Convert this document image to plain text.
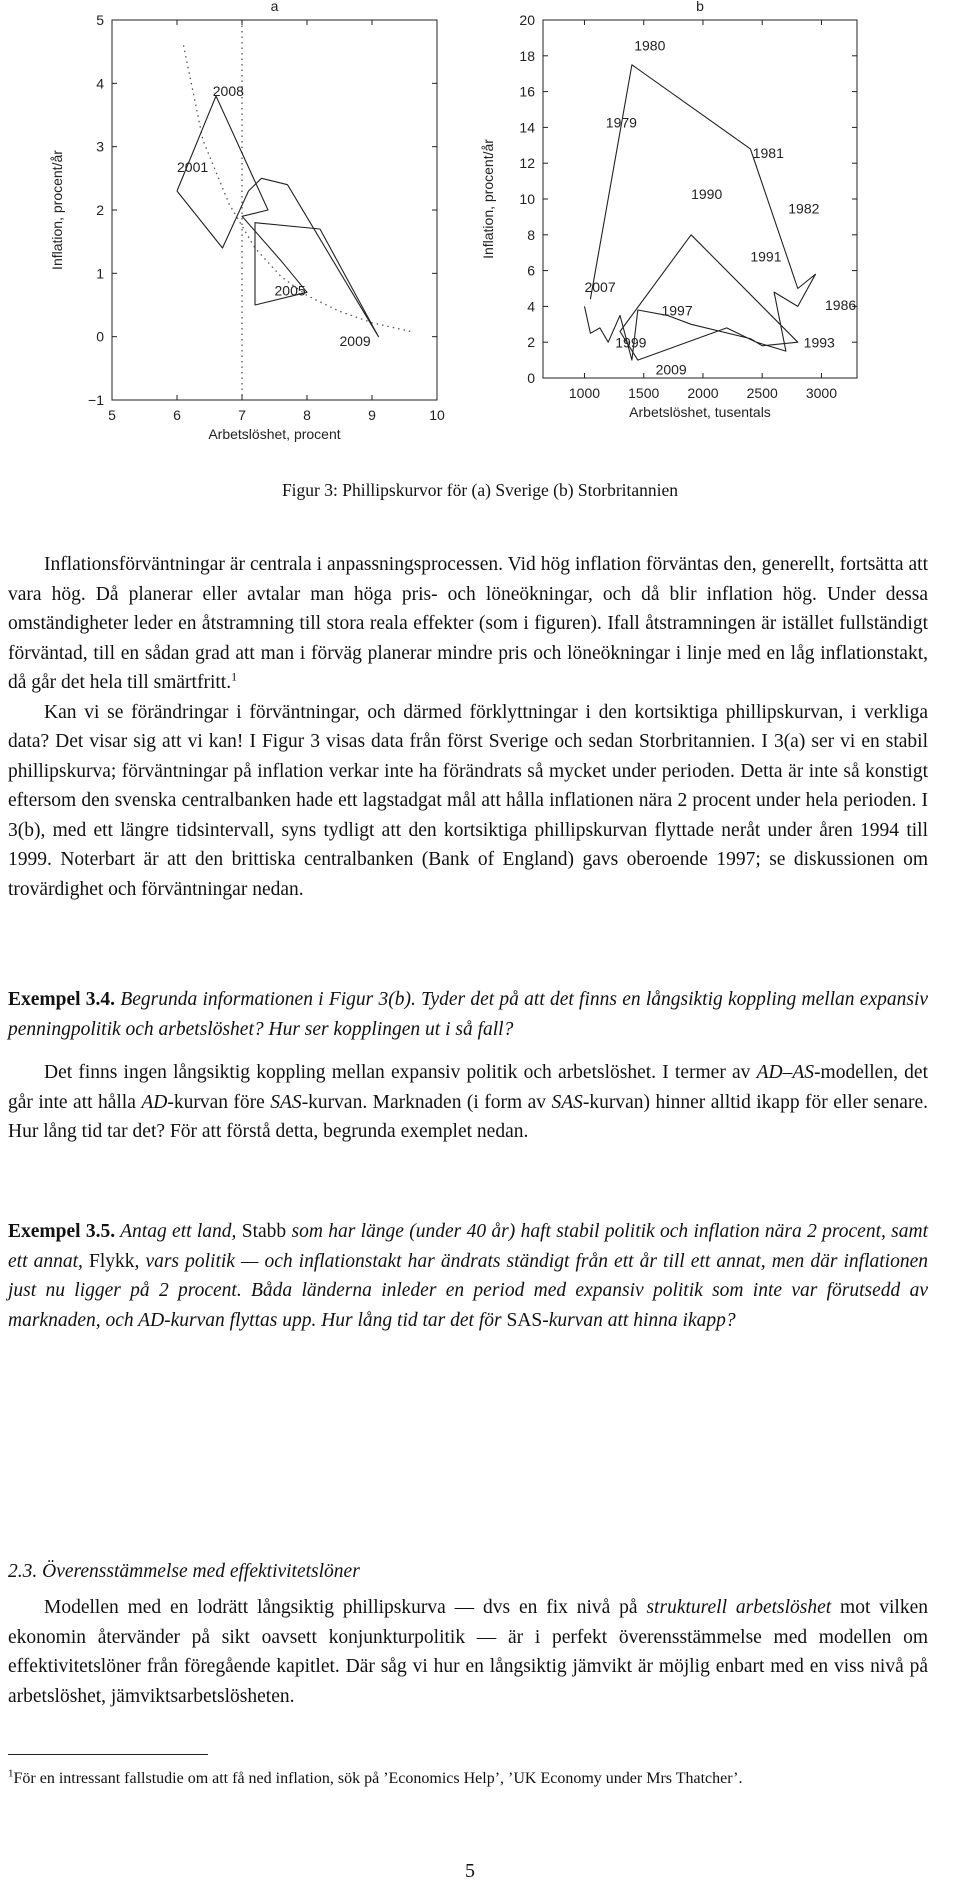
5	6	7	8	9	10
5
4
3
2
1
0
−1
a
Arbetslöshet, procent
Inflation, procent/år	2001
2008
2005
2009
1000 1500 2000 2500 3000
20
18
16
14
12
10
8
6
4
2
0
b
Arbetslöshet, tusentals
Inflation, procent/år
1980
1979
1981
1990
1982
1991
2007
1997	1986
1999	1993
2009
Figur 3: Phillipskurvor för (a) Sverige (b) Storbritannien

Inflationsförväntningar är centrala i anpassningsprocessen. Vid hög inflation förväntas den, generellt, fortsätta att vara hög. Då planerar eller avtalar man höga pris- och löneökningar, och då blir inflation hög. Under dessa omständigheter leder en åtstramning till stora reala effekter (som i figuren). Ifall åtstramningen är istället fullständigt förväntad, till en sådan grad att man i förväg planerar mindre pris och löneökningar i linje med en låg inflationstakt, då går det hela till smärtfritt.$^1$

Kan vi se förändringar i förväntningar, och därmed förklyttningar i den kortsiktiga phillipskurvan, i verkliga data? Det visar sig att vi kan! I Figur 3 visas data från först Sverige och sedan Storbritannien. I 3(a) ser vi en stabil phillipskurva; förväntningar på inflation verkar inte ha förändrats så mycket under perioden. Detta är inte så konstigt eftersom den svenska centralbanken hade ett lagstadgat mål att hålla inflationen nära 2 procent under hela perioden. I 3(b), med ett längre tidsintervall, syns tydligt att den kortsiktiga phillipskurvan flyttade neråt under åren 1994 till 1999. Noterbart är att den brittiska centralbanken (Bank of England) gavs oberoende 1997; se diskussionen om trovärdighet och förväntningar nedan.

Exempel 3.4. Begrunda informationen i Figur 3(b). Tyder det på att det finns en långsiktig koppling mellan expansiv penningpolitik och arbetslöshet? Hur ser kopplingen ut i så fall?

Det finns ingen långsiktig koppling mellan expansiv politik och arbetslöshet. I termer av AD–AS-modellen, det går inte att hålla AD-kurvan före SAS-kurvan. Marknaden (i form av SAS-kurvan) hinner alltid ikapp för eller senare. Hur lång tid tar det? För att förstå detta, begrunda exemplet nedan.

Exempel 3.5. Antag ett land, Stabb som har länge (under 40 år) haft stabil politik och inflation nära 2 procent, samt ett annat, Flykk, vars politik — och inflationstakt har ändrats ständigt från ett år till ett annat, men där inflationen just nu ligger på 2 procent. Båda länderna inleder en period med expansiv politik som inte var förutsedd av marknaden, och AD-kurvan flyttas upp. Hur lång tid tar det för SAS-kurvan att hinna ikapp?

2.3. Överensstämmelse med effektivitetslöner

Modellen med en lodrätt långsiktig phillipskurva — dvs en fix nivå på strukturell arbetslöshet mot vilken ekonomin återvänder på sikt oavsett konjunkturpolitik — är i perfekt överensstämmelse med modellen om effektivitetslöner från föregående kapitlet. Där såg vi hur en långsiktig jämvikt är möjlig enbart med en viss nivå på arbetslöshet, jämviktsarbetslösheten.

$^1$För en intressant fallstudie om att få ned inflation, sök på ’Economics Help’, ’UK Economy under Mrs Thatcher’.
5
